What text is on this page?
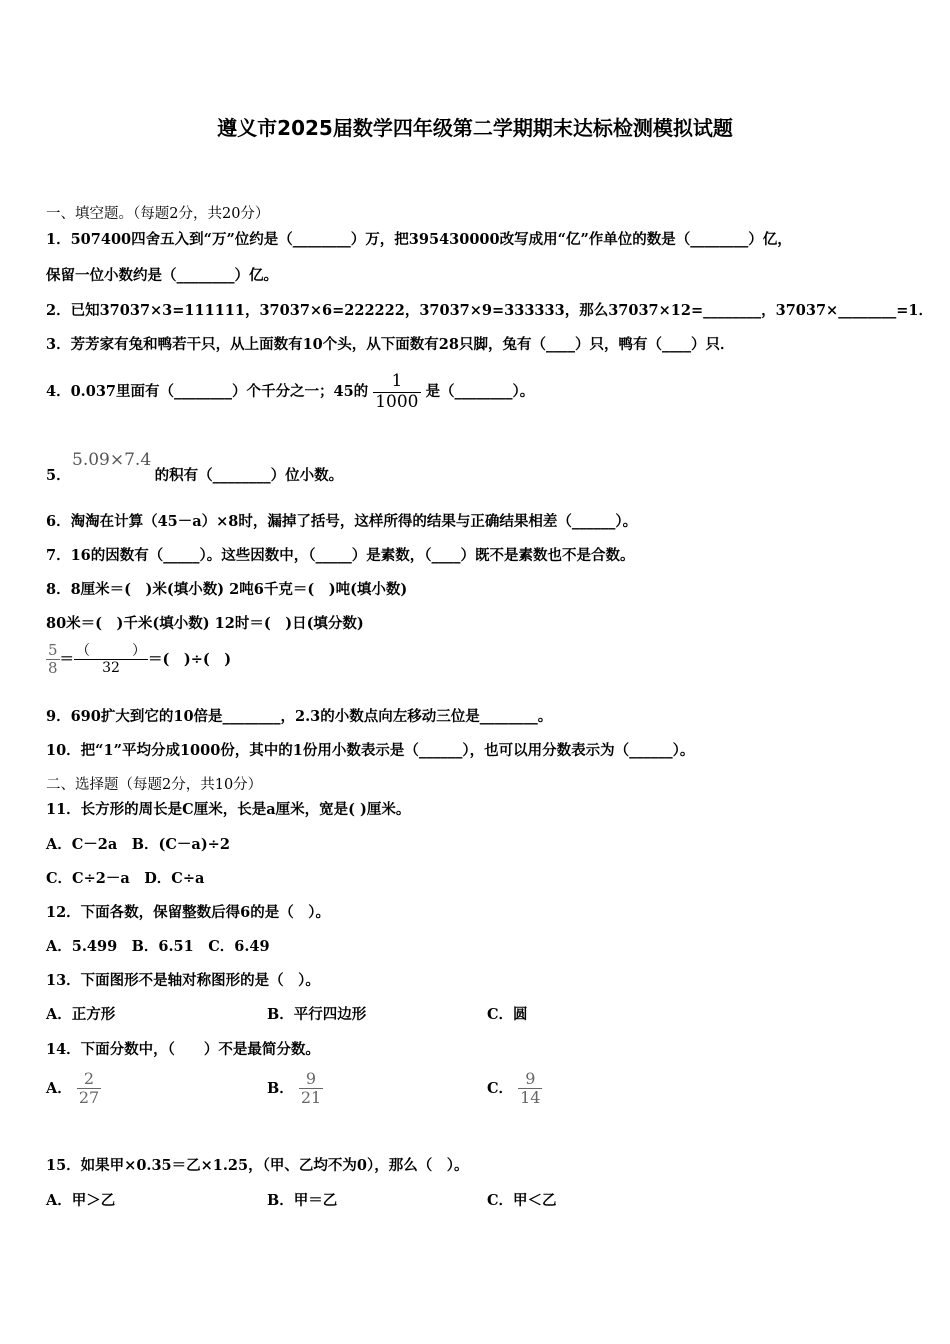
遵义市2025届数学四年级第二学期期末达标检测模拟试题
一、填空题。（每题2分，共20分）
1．507400四舍五入到“万”位约是（________）万，把395430000改写成用“亿”作单位的数是（________）亿，
保留一位小数约是（________）亿。
2．已知37037×3=111111，37037×6=222222，37037×9=333333，那么37037×12=________，37037×________=1．
3．芳芳家有兔和鸭若干只，从上面数有10个头，从下面数有28只脚，兔有（____）只，鸭有（____）只．
4．0.037里面有（________）个千分之一；45的 $\frac{1}{1000}$ 是（________）。
5.09×7.4
5．	的积有（________）位小数。
6．淘淘在计算（45－a）×8时，漏掉了括号，这样所得的结果与正确结果相差（______）。
7．16的因数有（_____）。这些因数中，（_____）是素数，（____）既不是素数也不是合数。
8．8厘米＝(　)米(填小数) 2吨6千克＝(　)吨(填小数)
80米＝(　)千米(填小数) 12时＝(　)日(填分数)
$\frac{5}{8} = \frac{( )}{32}$ ＝(　)÷(　)
9．690扩大到它的10倍是________，2.3的小数点向左移动三位是________。
10．把“1”平均分成1000份，其中的1份用小数表示是（______），也可以用分数表示为（______）。
二、选择题（每题2分，共10分）
11．长方形的周长是C厘米，长是a厘米，宽是( )厘米。
A．C－2a　B．(C－a)÷2
C．C÷2－a　D．C÷a
12．下面各数，保留整数后得6的是（　）。
A．5.499　B．6.51　C．6.49
13．下面图形不是轴对称图形的是（　）。
A．正方形	B．平行四边形	C．圆
14．下面分数中，（　　）不是最简分数。
A． $\frac{2}{27}$	B． $\frac{9}{21}$	C． $\frac{9}{14}$
15．如果甲×0.35＝乙×1.25，（甲、乙均不为0），那么（　）。
A．甲＞乙	B．甲＝乙	C．甲＜乙
